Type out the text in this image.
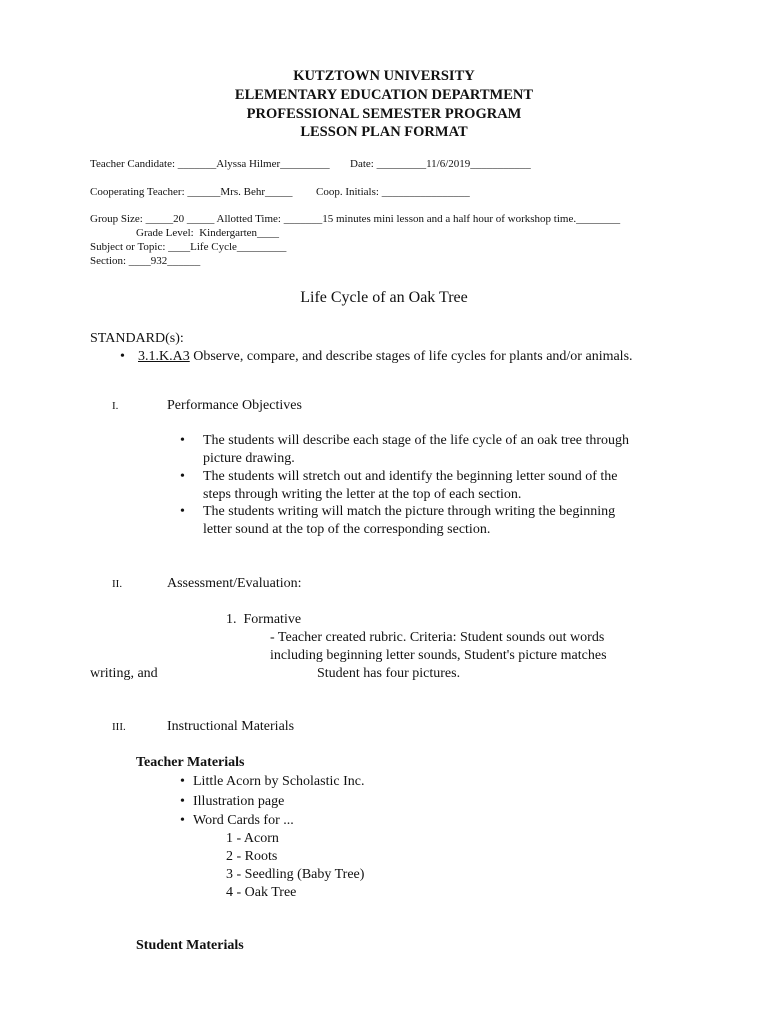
KUTZTOWN UNIVERSITY
ELEMENTARY EDUCATION DEPARTMENT
PROFESSIONAL SEMESTER PROGRAM
LESSON PLAN FORMAT
Teacher Candidate: _______Alyssa Hilmer_________ Date: _________11/6/2019___________
Cooperating Teacher: ______Mrs. Behr_____ Coop. Initials: ________________
Group Size: _____20 _____ Allotted Time: _______15 minutes mini lesson and a half hour of workshop time.________
Grade Level:  Kindergarten____
Subject or Topic: ____Life Cycle_________
Section: ____932______
Life Cycle of an Oak Tree
STANDARD(s):
• 3.1.K.A3 Observe, compare, and describe stages of life cycles for plants and/or animals.
I.	Performance Objectives
• The students will describe each stage of the life cycle of an oak tree through
picture drawing.
• The students will stretch out and identify the beginning letter sound of the
steps through writing the letter at the top of each section.
• The students writing will match the picture through writing the beginning
letter sound at the top of the corresponding section.
II.	Assessment/Evaluation:
1.  Formative
- Teacher created rubric. Criteria: Student sounds out words
including beginning letter sounds, Student's picture matches
writing, and	Student has four pictures.
III.	Instructional Materials
Teacher Materials
• Little Acorn by Scholastic Inc.
• Illustration page
• Word Cards for ...
1 - Acorn
2 - Roots
3 - Seedling (Baby Tree)
4 - Oak Tree
Student Materials
